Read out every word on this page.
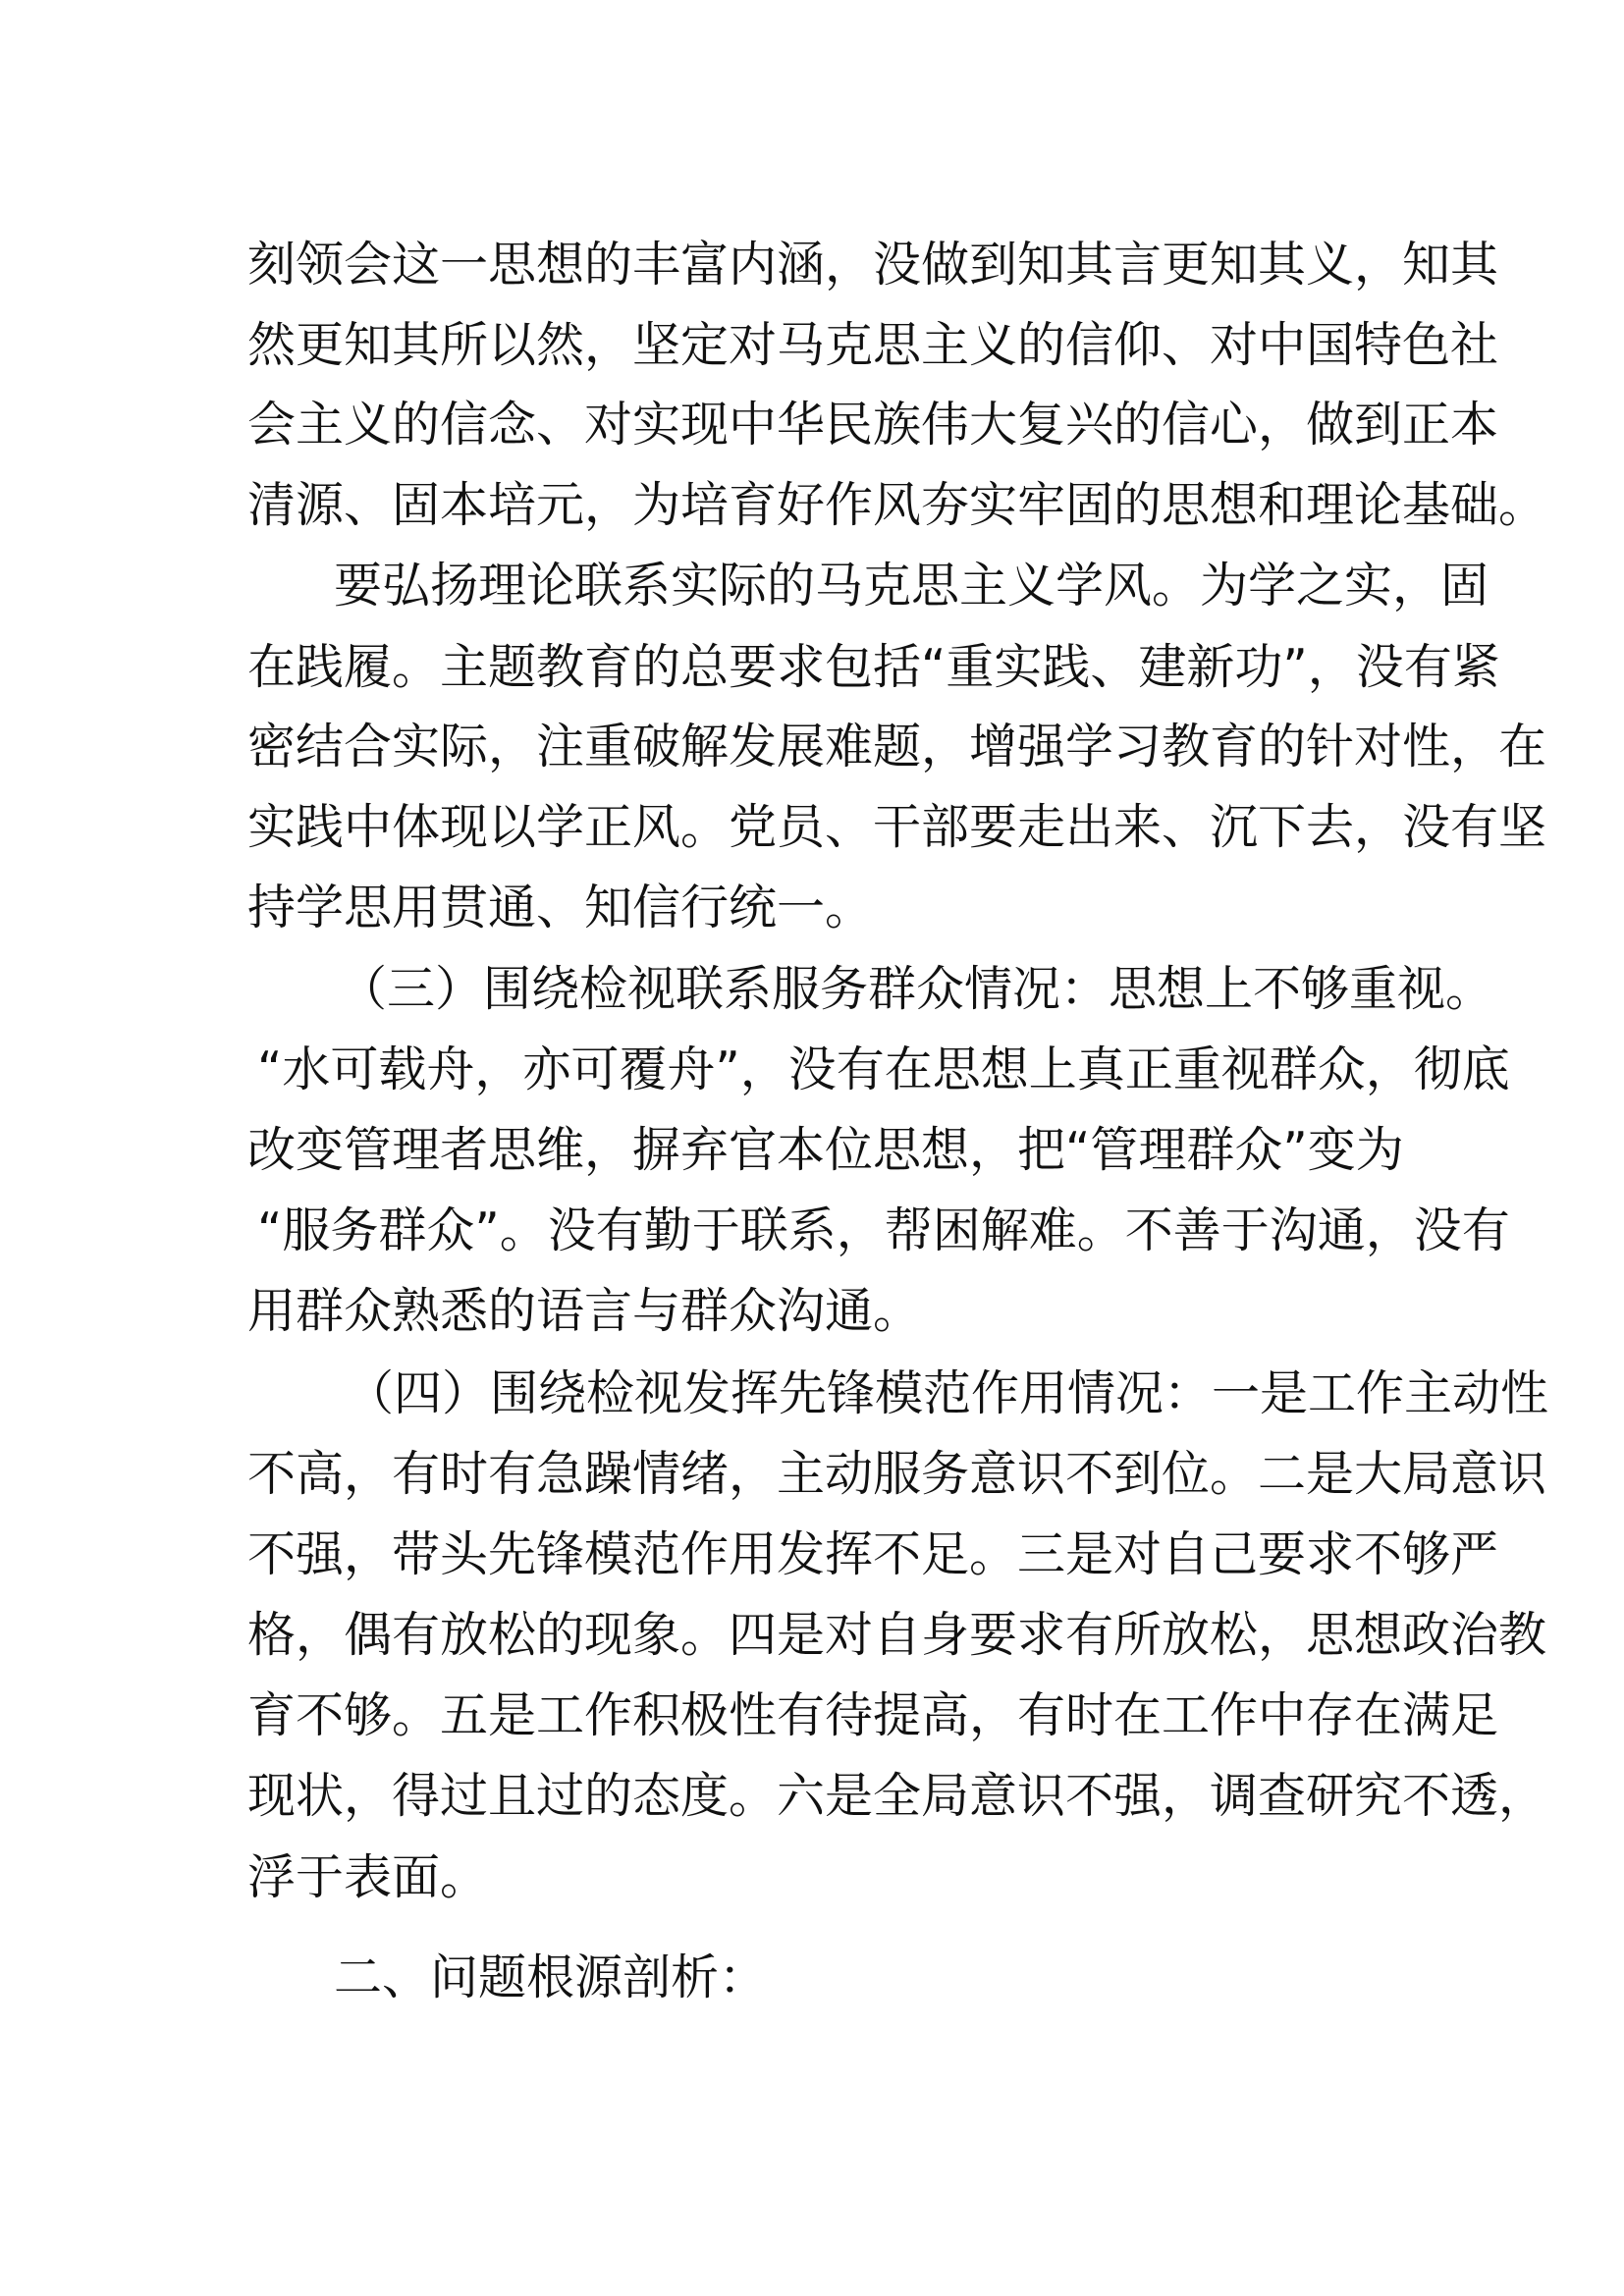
刻领会这一思想的丰富内涵，没做到知其言更知其义，知其
然更知其所以然，坚定对马克思主义的信仰、对中国特色社
会主义的信念、对实现中华民族伟大复兴的信心，做到正本
清源、固本培元，为培育好作风夯实牢固的思想和理论基础。
要弘扬理论联系实际的马克思主义学风。为学之实，固
在践履。主题教育的总要求包括“重实践、建新功”，没有紧
密结合实际，注重破解发展难题，增强学习教育的针对性，在
实践中体现以学正风。党员、干部要走出来、沉下去，没有坚
持学思用贯通、知信行统一。
（三）围绕检视联系服务群众情况：思想上不够重视。
“水可载舟，亦可覆舟”，没有在思想上真正重视群众，彻底
改变管理者思维，摒弃官本位思想，把“管理群众”变为
“服务群众”。没有勤于联系，帮困解难。不善于沟通，没有
用群众熟悉的语言与群众沟通。
（四）围绕检视发挥先锋模范作用情况：一是工作主动性
不高，有时有急躁情绪，主动服务意识不到位。二是大局意识
不强，带头先锋模范作用发挥不足。三是对自己要求不够严
格，偶有放松的现象。四是对自身要求有所放松，思想政治教
育不够。五是工作积极性有待提高，有时在工作中存在满足
现状，得过且过的态度。六是全局意识不强，调查研究不透，
浮于表面。
二、问题根源剖析：
